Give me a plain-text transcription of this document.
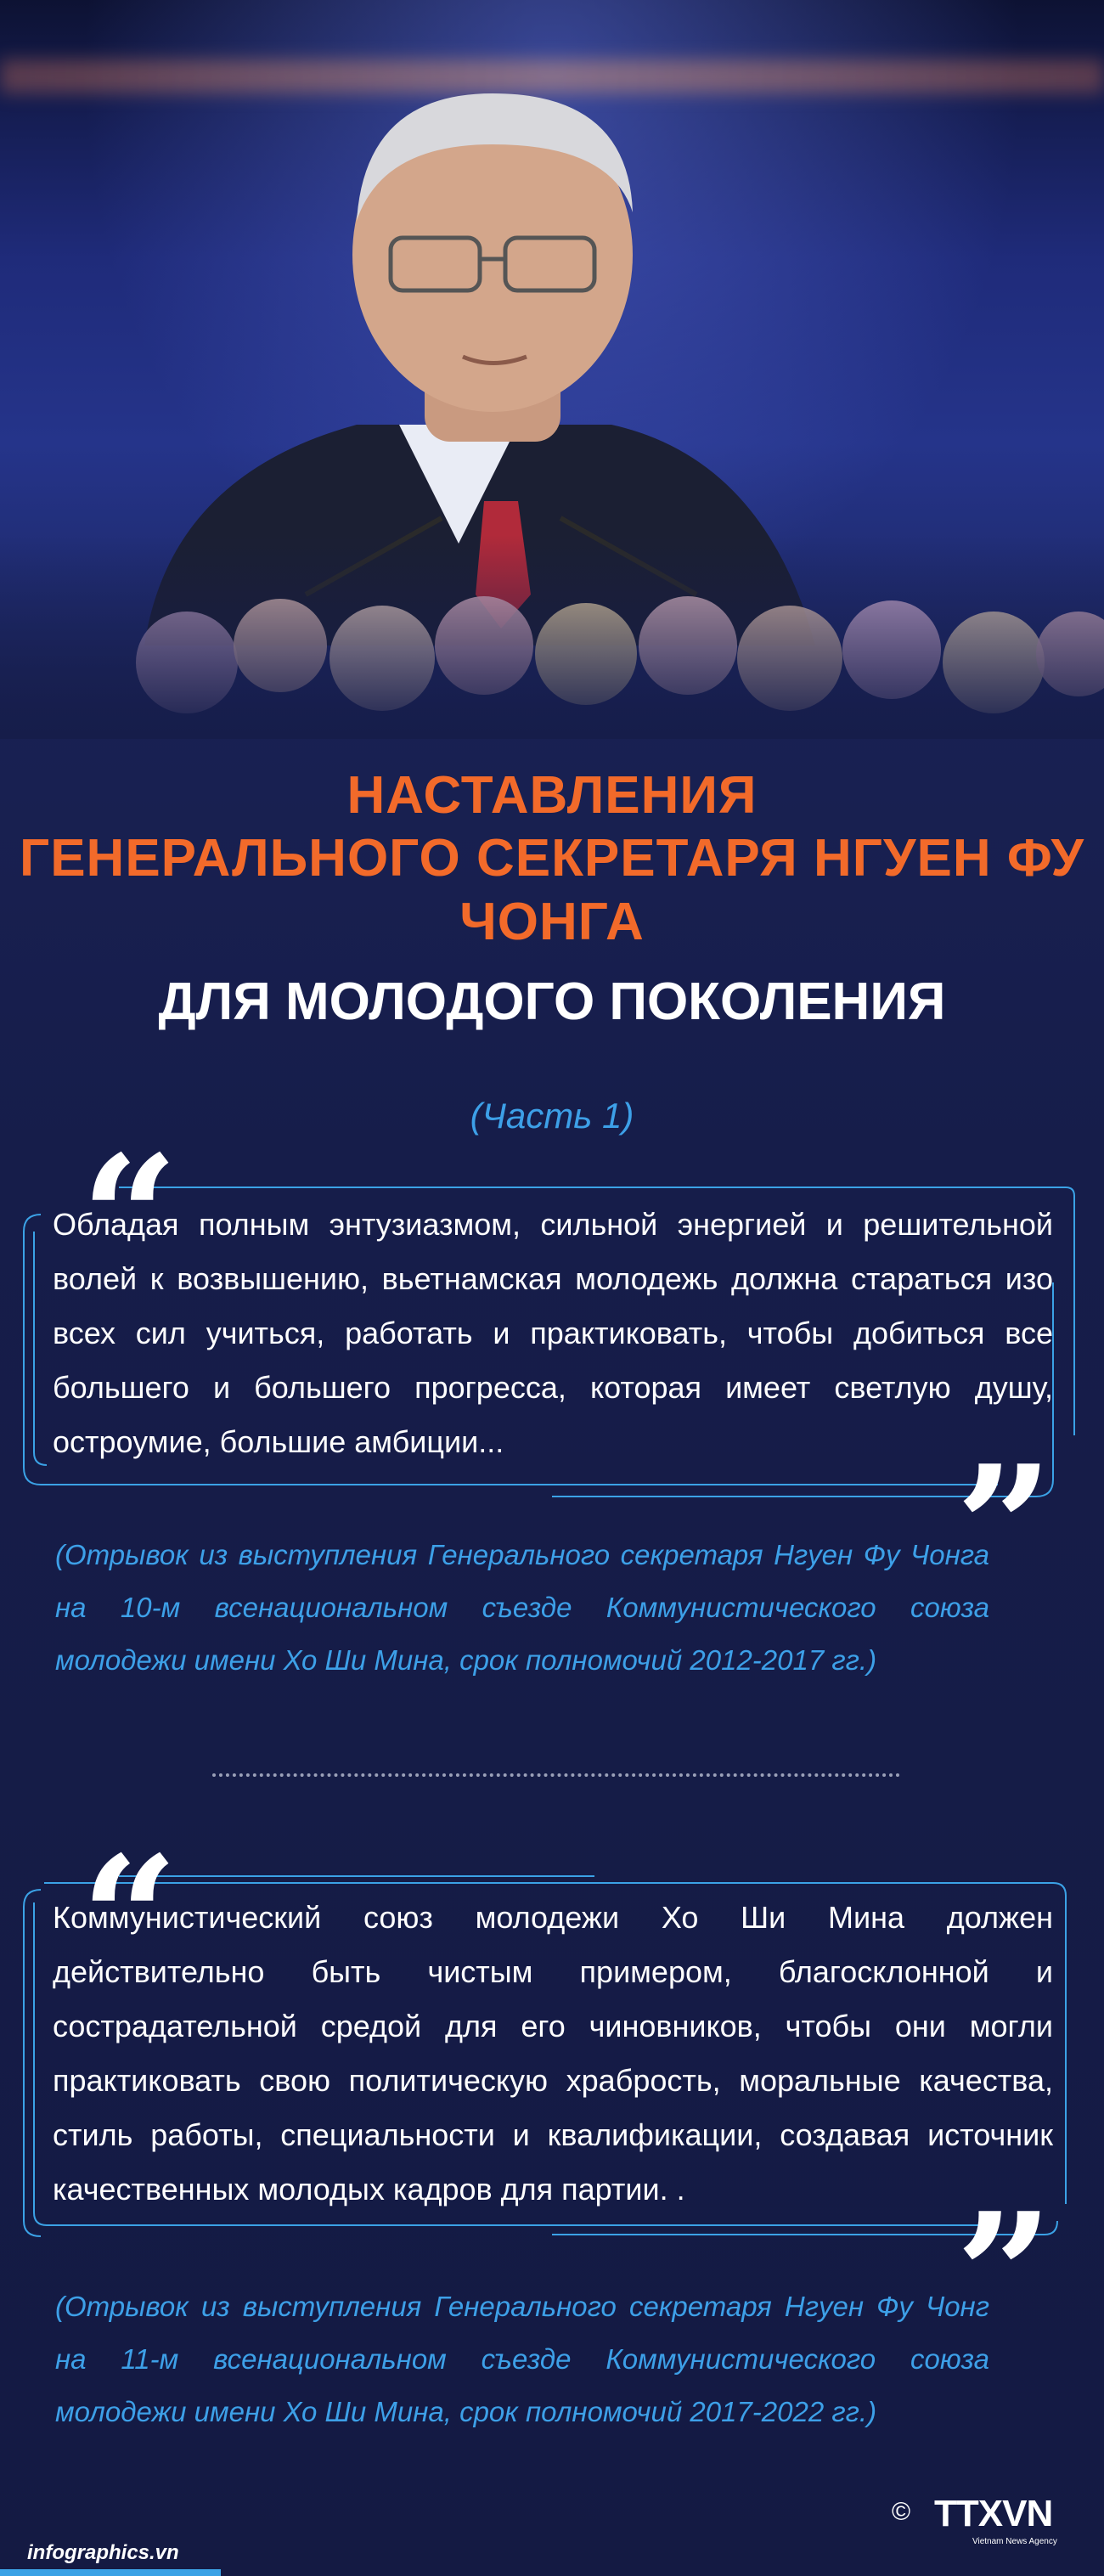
НАСТАВЛЕНИЯ
ГЕНЕРАЛЬНОГО СЕКРЕТАРЯ НГУЕН ФУ ЧОНГА
ДЛЯ МОЛОДОГО ПОКОЛЕНИЯ
(Часть 1)
“
Обладая полным энтузиазмом, сильной энергией и решительной волей к возвышению, вьетнамская молодежь должна стараться изо всех сил учиться, работать и практиковать, чтобы добиться все большего и большего прогресса, которая имеет светлую душу, остроумие, большие амбиции...	”
(Отрывок из выступления Генерального секретаря Нгуен Фу Чонга на 10-м всенациональном съезде Коммунистического союза молодежи имени Хо Ши Мина, срок полномочий 2012-2017 гг.)
“
Коммунистический союз молодежи Хо Ши Мина должен действительно быть чистым примером, благосклонной и сострадательной средой для его чиновников, чтобы они могли практиковать свою политическую храбрость, моральные качества, стиль работы, специальности и квалификации, создавая источник качественных молодых кадров для партии. .	”
(Отрывок из выступления Генерального секретаря Нгуен Фу Чонг на 11-м всенациональном съезде Коммунистического союза молодежи имени Хо Ши Мина, срок полномочий 2017-2022 гг.)
infographics.vn
© TTXVN
Vietnam News Agency
